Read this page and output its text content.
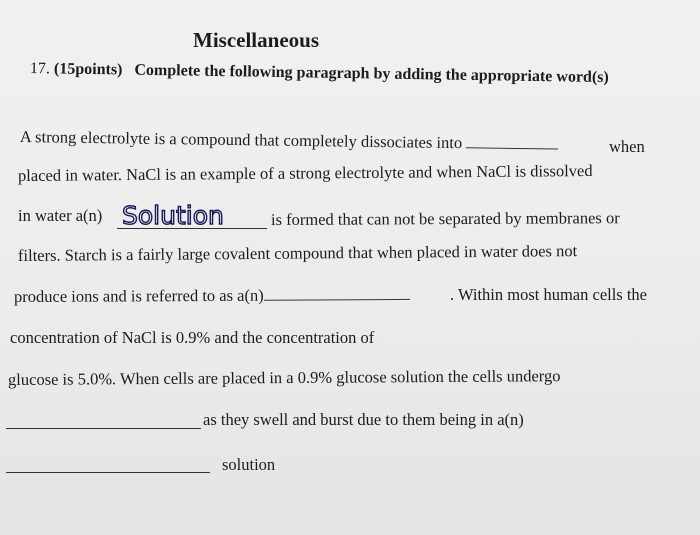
Miscellaneous
17. (15points) Complete the following paragraph by adding the appropriate word(s)
A strong electrolyte is a compound that completely dissociates into	when
placed in water. NaCl is an example of a strong electrolyte and when NaCl is dissolved
in water a(n) Solution	is formed that can not be separated by membranes or
filters. Starch is a fairly large covalent compound that when placed in water does not
produce ions and is referred to as a(n)	. Within most human cells the
concentration of NaCl is 0.9% and the concentration of
glucose is 5.0%. When cells are placed in a 0.9% glucose solution the cells undergo
as they swell and burst due to them being in a(n)
solution
